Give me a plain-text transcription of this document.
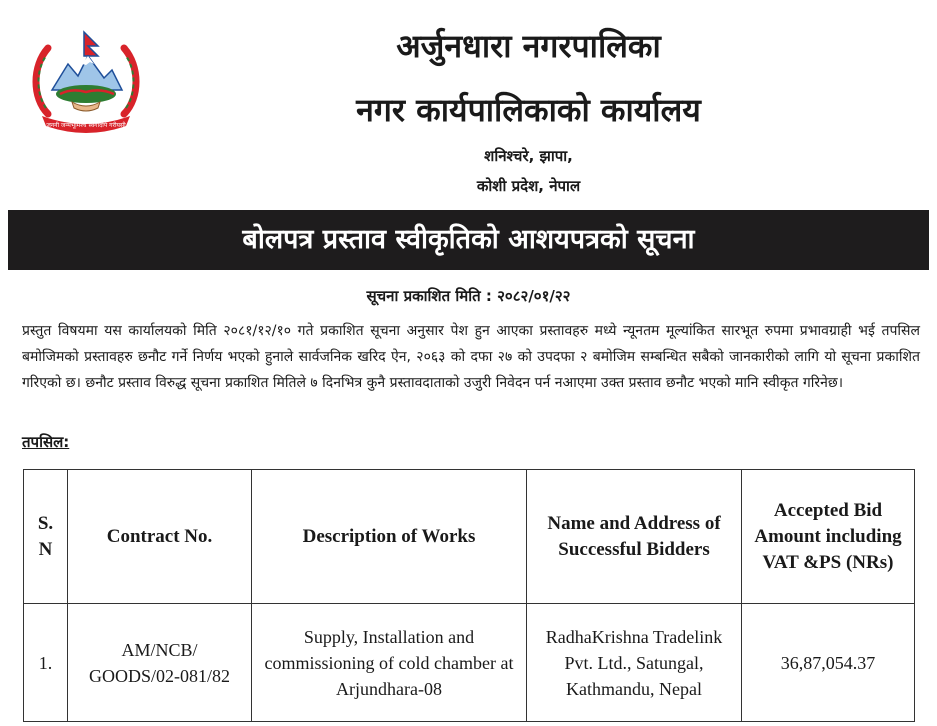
जननी जन्मभूमिश्च स्वर्गादपि गरीयसी
अर्जुनधारा नगरपालिका
नगर कार्यपालिकाको कार्यालय
शनिश्चरे, झापा,
कोशी प्रदेश, नेपाल
बोलपत्र प्रस्ताव स्वीकृतिको आशयपत्रको सूचना
सूचना प्रकाशित मिति : २०८२/०१/२२
प्रस्तुत विषयमा यस कार्यालयको मिति २०८१/१२/१० गते प्रकाशित सूचना अनुसार पेश हुन आएका प्रस्तावहरु मध्ये न्यूनतम मूल्यांकित सारभूत रुपमा प्रभावग्राही भई तपसिल बमोजिमको प्रस्तावहरु छनौट गर्ने निर्णय भएको हुनाले सार्वजनिक खरिद ऐन, २०६३ को दफा २७ को उपदफा २ बमोजिम सम्बन्धित सबैको जानकारीको लागि यो सूचना प्रकाशित गरिएको छ। छनौट प्रस्ताव विरुद्ध सूचना प्रकाशित मितिले ७ दिनभित्र कुनै प्रस्तावदाताको उजुरी निवेदन पर्न नआएमा उक्त प्रस्ताव छनौट भएको मानि स्वीकृत गरिनेछ।
तपसिल:
S. N	Contract No.	Description of Works	Name and Address of Successful Bidders	Accepted Bid Amount including VAT &PS (NRs)
1.	AM/NCB/ GOODS/02-081/82	Supply, Installation and commissioning of cold chamber at Arjundhara-08	RadhaKrishna Tradelink Pvt. Ltd., Satungal, Kathmandu, Nepal	36,87,054.37
